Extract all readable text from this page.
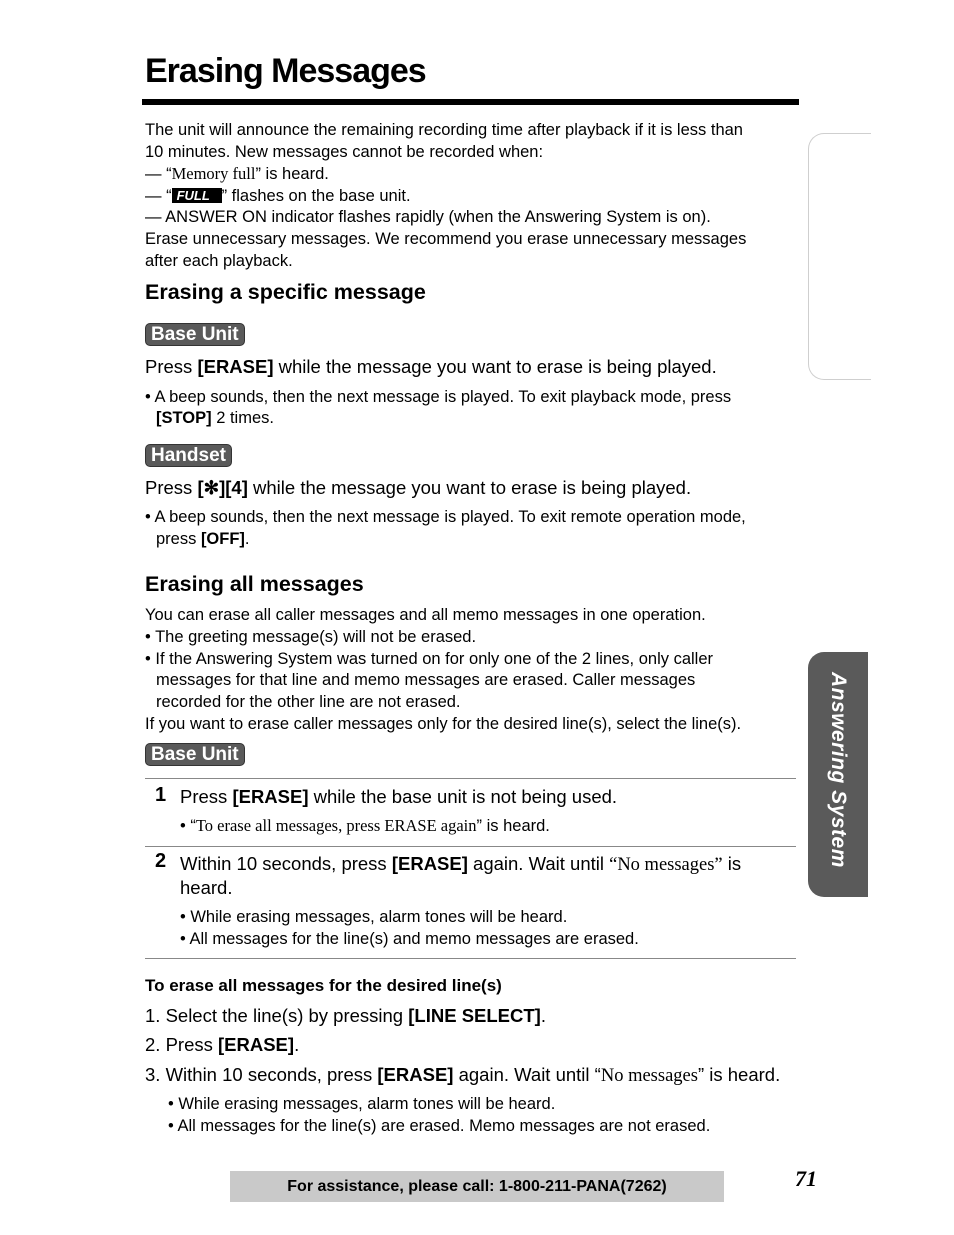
Erasing Messages
Answering System
The unit will announce the remaining recording time after playback if it is less than
10 minutes. New messages cannot be recorded when:
— “Memory full” is heard.
— “ FULL ” flashes on the base unit.
— ANSWER ON indicator flashes rapidly (when the Answering System is on).
Erase unnecessary messages. We recommend you erase unnecessary messages
after each playback.
Erasing a specific message
Base Unit
Press [ERASE] while the message you want to erase is being played.
• A beep sounds, then the next message is played. To exit playback mode, press
[STOP] 2 times.
Handset
Press [✻][4] while the message you want to erase is being played.
• A beep sounds, then the next message is played. To exit remote operation mode,
press [OFF].
Erasing all messages
You can erase all caller messages and all memo messages in one operation.
• The greeting message(s) will not be erased.
• If the Answering System was turned on for only one of the 2 lines, only caller
messages for that line and memo messages are erased. Caller messages
recorded for the other line are not erased.
If you want to erase caller messages only for the desired line(s), select the line(s).
Base Unit
1 Press [ERASE] while the base unit is not being used.
• “To erase all messages, press ERASE again” is heard.
2 Within 10 seconds, press [ERASE] again. Wait until “No messages” is
heard.
• While erasing messages, alarm tones will be heard.
• All messages for the line(s) and memo messages are erased.
To erase all messages for the desired line(s)
1. Select the line(s) by pressing [LINE SELECT].
2. Press [ERASE].
3. Within 10 seconds, press [ERASE] again. Wait until “No messages” is heard.
• While erasing messages, alarm tones will be heard.
• All messages for the line(s) are erased. Memo messages are not erased.
For assistance, please call: 1-800-211-PANA(7262)	71
